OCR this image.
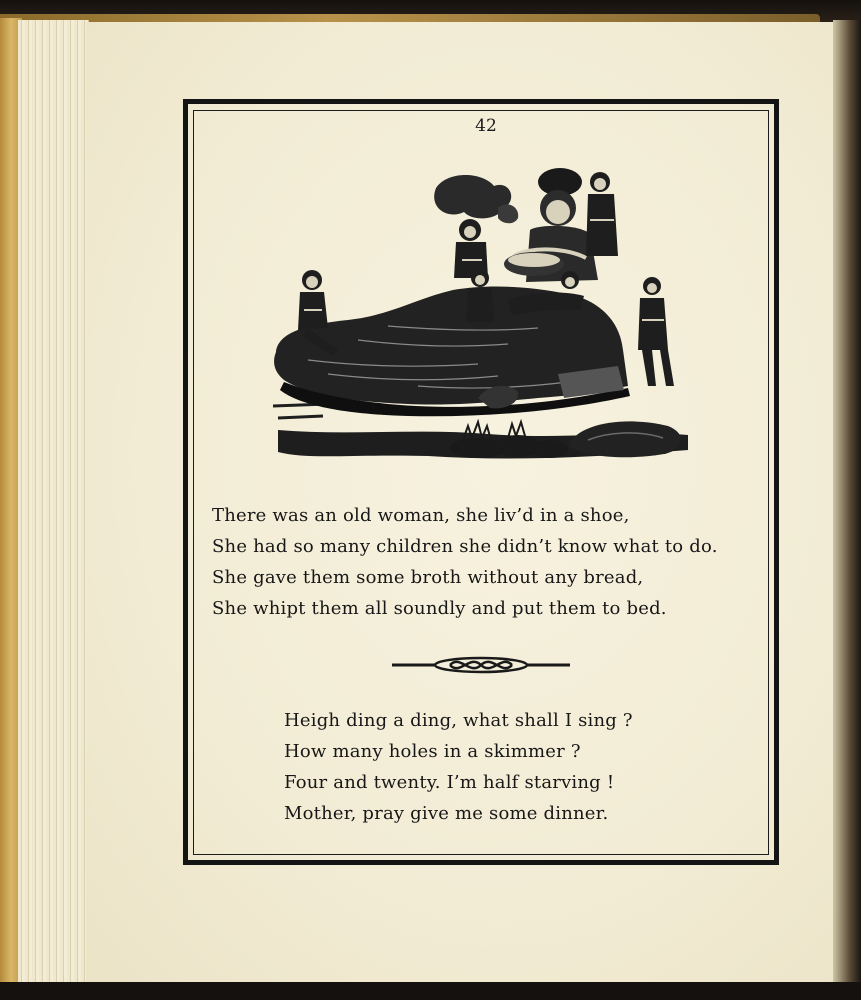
42

There was an old woman, she liv’d in a shoe,
She had so many children she didn’t know what to do.
She gave them some broth without any bread,
She whipt them all soundly and put them to bed.
Heigh ding a ding, what shall I sing ?
How many holes in a skimmer ?
Four and twenty. I’m half starving !
Mother, pray give me some dinner.
